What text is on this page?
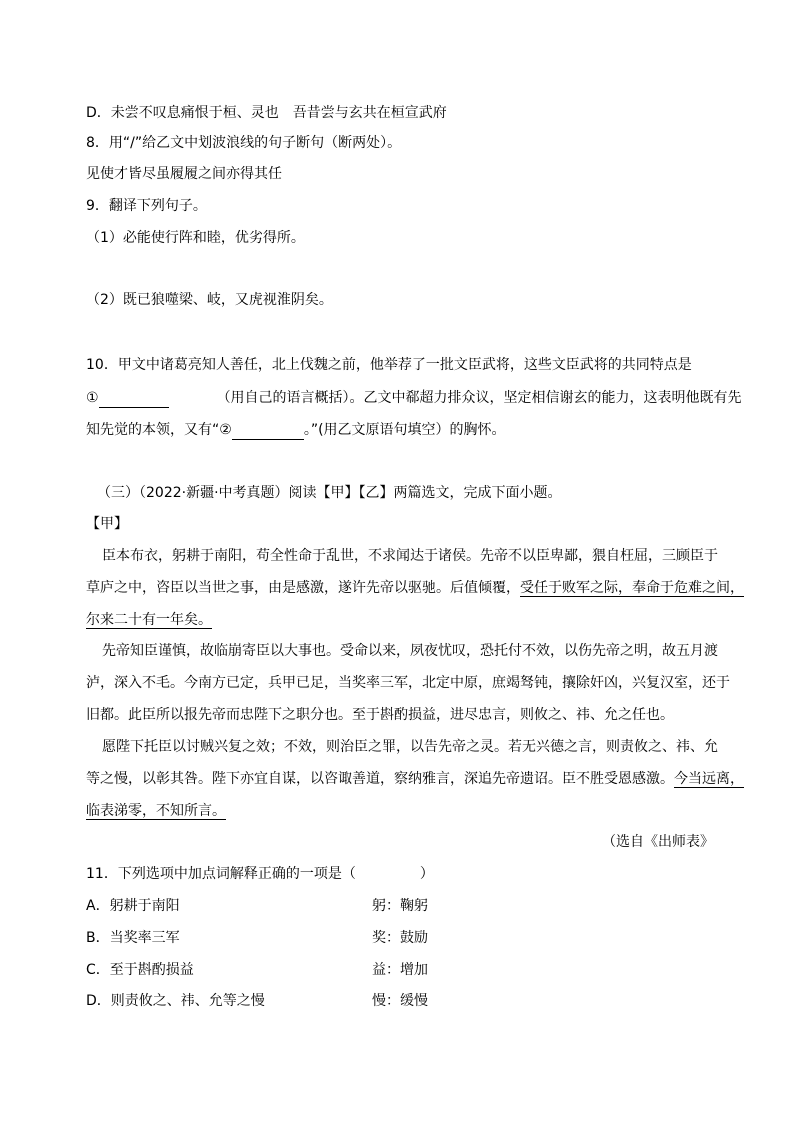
D．未尝不叹息痛恨于桓、灵也　吾昔尝与玄共在桓宣武府
8．用“/”给乙文中划波浪线的句子断句（断两处）。
见使才皆尽虽履履之间亦得其任
9．翻译下列句子。
（1）必能使行阵和睦，优劣得所。
（2）既已狼噬梁、岐，又虎视淮阴矣。
10．甲文中诸葛亮知人善任，北上伐魏之前，他举荐了一批文臣武将，这些文臣武将的共同特点是
①	（用自己的语言概括）。乙文中郗超力排众议，坚定相信谢玄的能力，这表明他既有先
知先觉的本领，又有“②	。”(用乙文原语句填空）的胸怀。
（三）（2022·新疆·中考真题）阅读【甲】【乙】两篇选文，完成下面小题。
【甲】
臣本布衣，躬耕于南阳，苟全性命于乱世，不求闻达于诸侯。先帝不以臣卑鄙，猥自枉屈，三顾臣于
草庐之中，咨臣以当世之事，由是感激，遂许先帝以驱驰。后值倾覆，受任于败军之际，奉命于危难之间，
尔来二十有一年矣。
先帝知臣谨慎，故临崩寄臣以大事也。受命以来，夙夜忧叹，恐托付不效，以伤先帝之明，故五月渡
泸，深入不毛。今南方已定，兵甲已足，当奖率三军，北定中原，庶竭驽钝，攘除奸凶，兴复汉室，还于
旧都。此臣所以报先帝而忠陛下之职分也。至于斟酌损益，进尽忠言，则攸之、祎、允之任也。
愿陛下托臣以讨贼兴复之效；不效，则治臣之罪，以告先帝之灵。若无兴德之言，则责攸之、祎、允
等之慢，以彰其咎。陛下亦宜自谋，以咨诹善道，察纳雅言，深追先帝遗诏。臣不胜受恩感激。今当远离，
临表涕零，不知所言。
（选自《出师表》
11．下列选项中加点词解释正确的一项是（	）
A．躬耕于南阳	躬：鞠躬
B．当奖率三军	奖：鼓励
C．至于斟酌损益	益：增加
D．则责攸之、祎、允等之慢	慢：缓慢
